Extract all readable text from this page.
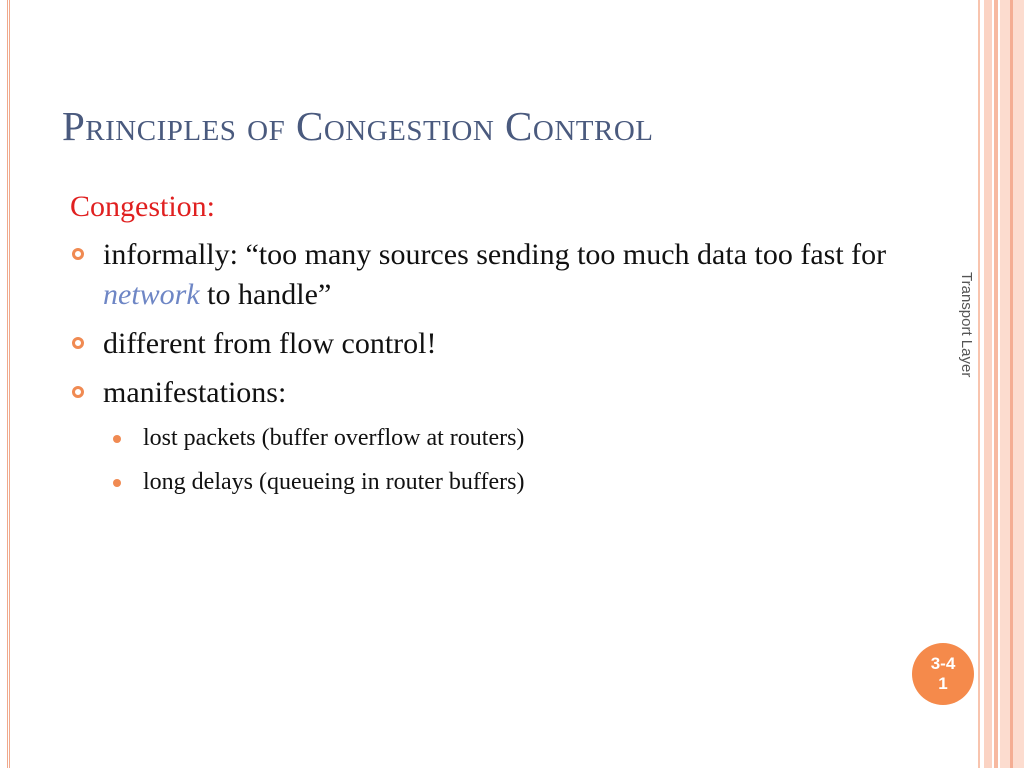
Principles of Congestion Control
Congestion:
informally: “too many sources sending too much data too fast for network to handle”
different from flow control!
manifestations:
lost packets (buffer overflow at routers)
long delays (queueing in router buffers)
Transport Layer
3-41
